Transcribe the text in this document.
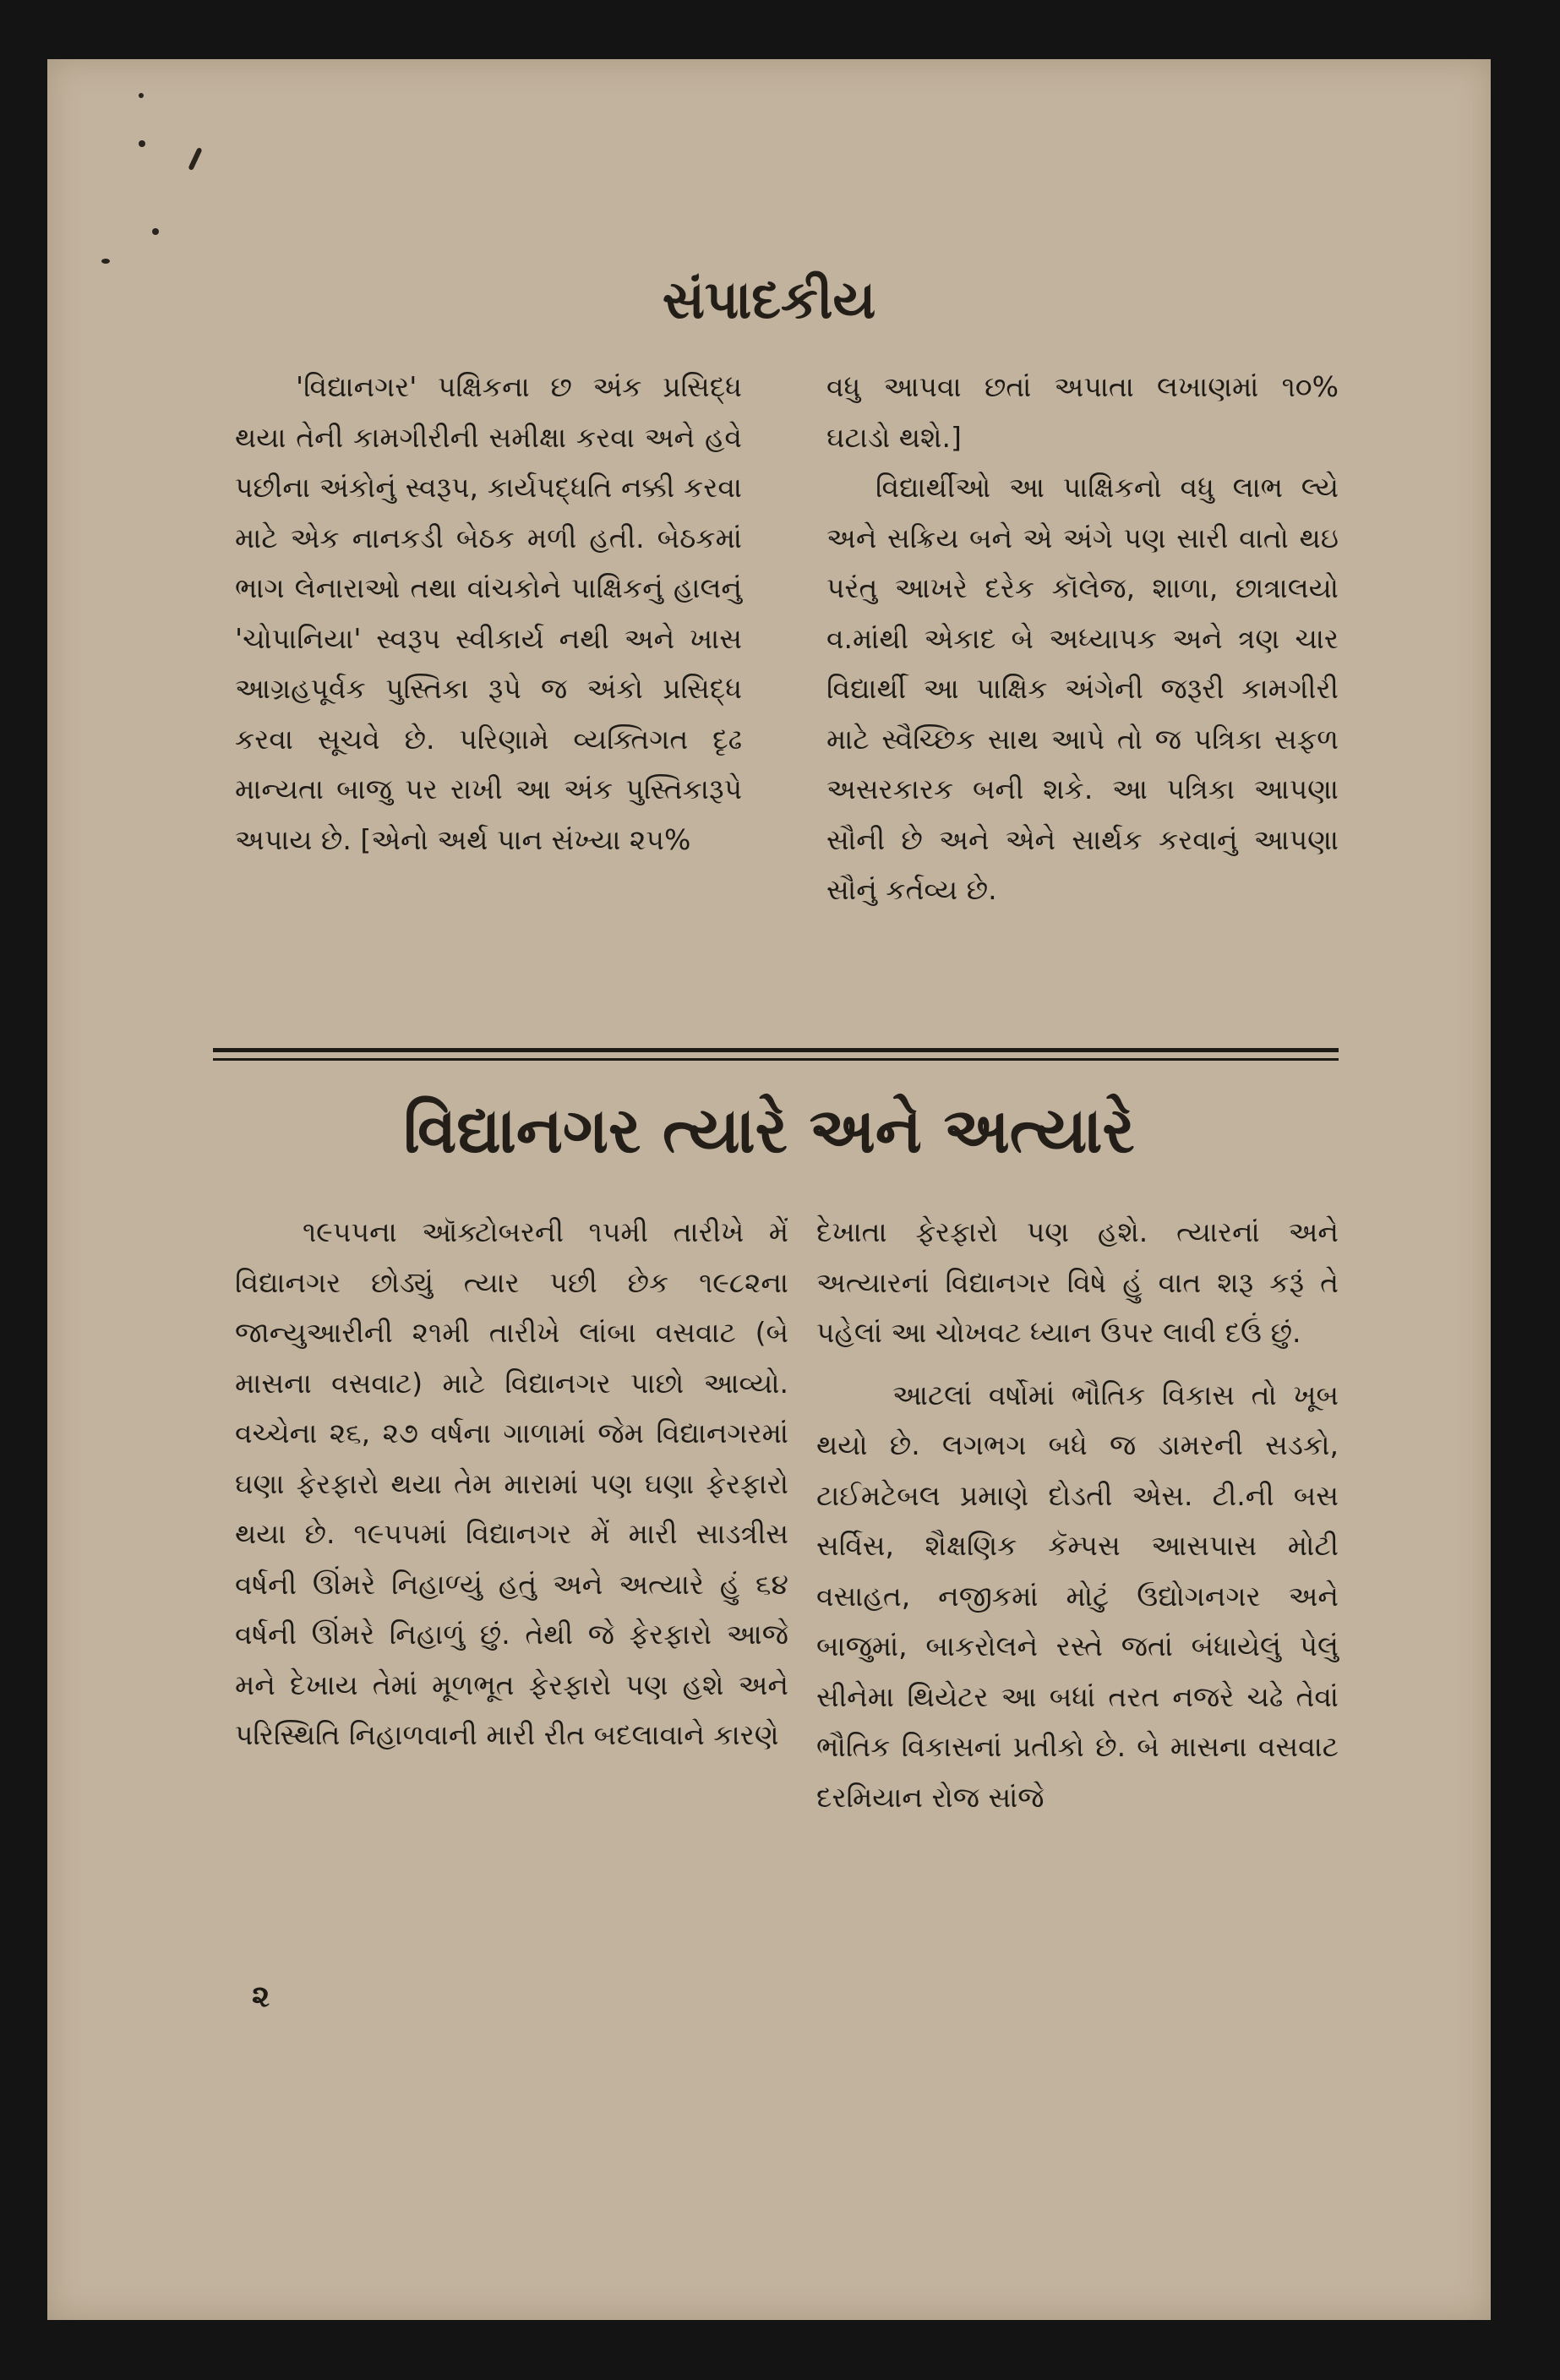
સંપાદકીય

'વિદ્યાનગર' પક્ષિકના છ અંક પ્રસિદ્ધ થયા તેની કામગીરીની સમીક્ષા કરવા અને હવે પછીના અંકોનું સ્વરૂપ, કાર્યપદ્ધતિ નક્કી કરવા માટે એક નાનકડી બેઠક મળી હતી. બેઠકમાં ભાગ લેનારાઓ તથા વાંચકોને પાક્ષિકનું હાલનું 'ચોપાનિયા' સ્વરૂપ સ્વીકાર્ય નથી અને ખાસ આગ્રહપૂર્વક પુસ્તિકા રૂપે જ અંકો પ્રસિદ્ધ કરવા સૂચવે છે. પરિણામે વ્યક્તિગત દૃઢ માન્યતા બાજુ પર રાખી આ અંક પુસ્તિકારૂપે અપાય છે. [એનો અર્થ પાન સંખ્યા ૨૫%

વધુ આપવા છતાં અપાતા લખાણમાં ૧૦% ઘટાડો થશે.]

વિદ્યાર્થીઓ આ પાક્ષિકનો વધુ લાભ લ્યે અને સક્રિય બને એ અંગે પણ સારી વાતો થઇ પરંતુ આખરે દરેક કૉલેજ, શાળા, છાત્રાલયો વ.માંથી એકાદ બે અધ્યાપક અને ત્રણ ચાર વિદ્યાર્થી આ પાક્ષિક અંગેની જરૂરી કામગીરી માટે સ્વૈચ્છિક સાથ આપે તો જ પત્રિકા સફળ અસરકારક બની શકે. આ પત્રિકા આપણા સૌની છે અને એને સાર્થક કરવાનું આપણા સૌનું કર્તવ્ય છે.

વિદ્યાનગર ત્યારે અને અત્યારે

૧૯૫૫ના ઑક્ટોબરની ૧૫મી તારીખે મેં વિદ્યાનગર છોડ્યું ત્યાર પછી છેક ૧૯૮૨ના જાન્યુઆરીની ૨૧મી તારીખે લાંબા વસવાટ (બે માસના વસવાટ) માટે વિદ્યાનગર પાછો આવ્યો. વચ્ચેના ૨૬, ૨૭ વર્ષના ગાળામાં જેમ વિદ્યાનગરમાં ઘણા ફેરફારો થયા તેમ મારામાં પણ ઘણા ફેરફારો થયા છે. ૧૯૫૫માં વિદ્યાનગર મેં મારી સાડત્રીસ વર્ષની ઊંમરે નિહાળ્યું હતું અને અત્યારે હું ૬૪ વર્ષની ઊંમરે નિહાળું છું. તેથી જે ફેરફારો આજે મને દેખાય તેમાં મૂળભૂત ફેરફારો પણ હશે અને પરિસ્થિતિ નિહાળવાની મારી રીત બદલાવાને કારણે

દેખાતા ફેરફારો પણ હશે. ત્યારનાં અને અત્યારનાં વિદ્યાનગર વિષે હું વાત શરૂ કરૂં તે પહેલાં આ ચોખવટ ધ્યાન ઉપર લાવી દઉં છું.

આટલાં વર્ષોમાં ભૌતિક વિકાસ તો ખૂબ થયો છે. લગભગ બધે જ ડામરની સડકો, ટાઈમટેબલ પ્રમાણે દોડતી એસ. ટી.ની બસ સર્વિસ, શૈક્ષણિક કૅમ્પસ આસપાસ મોટી વસાહત, નજીકમાં મોટું ઉદ્યોગનગર અને બાજુમાં, બાકરોલને રસ્તે જતાં બંધાયેલું પેલું સીનેમા થિયેટર આ બધાં તરત નજરે ચઢે તેવાં ભૌતિક વિકાસનાં પ્રતીકો છે. બે માસના વસવાટ દરમિયાન રોજ સાંજે

૨
